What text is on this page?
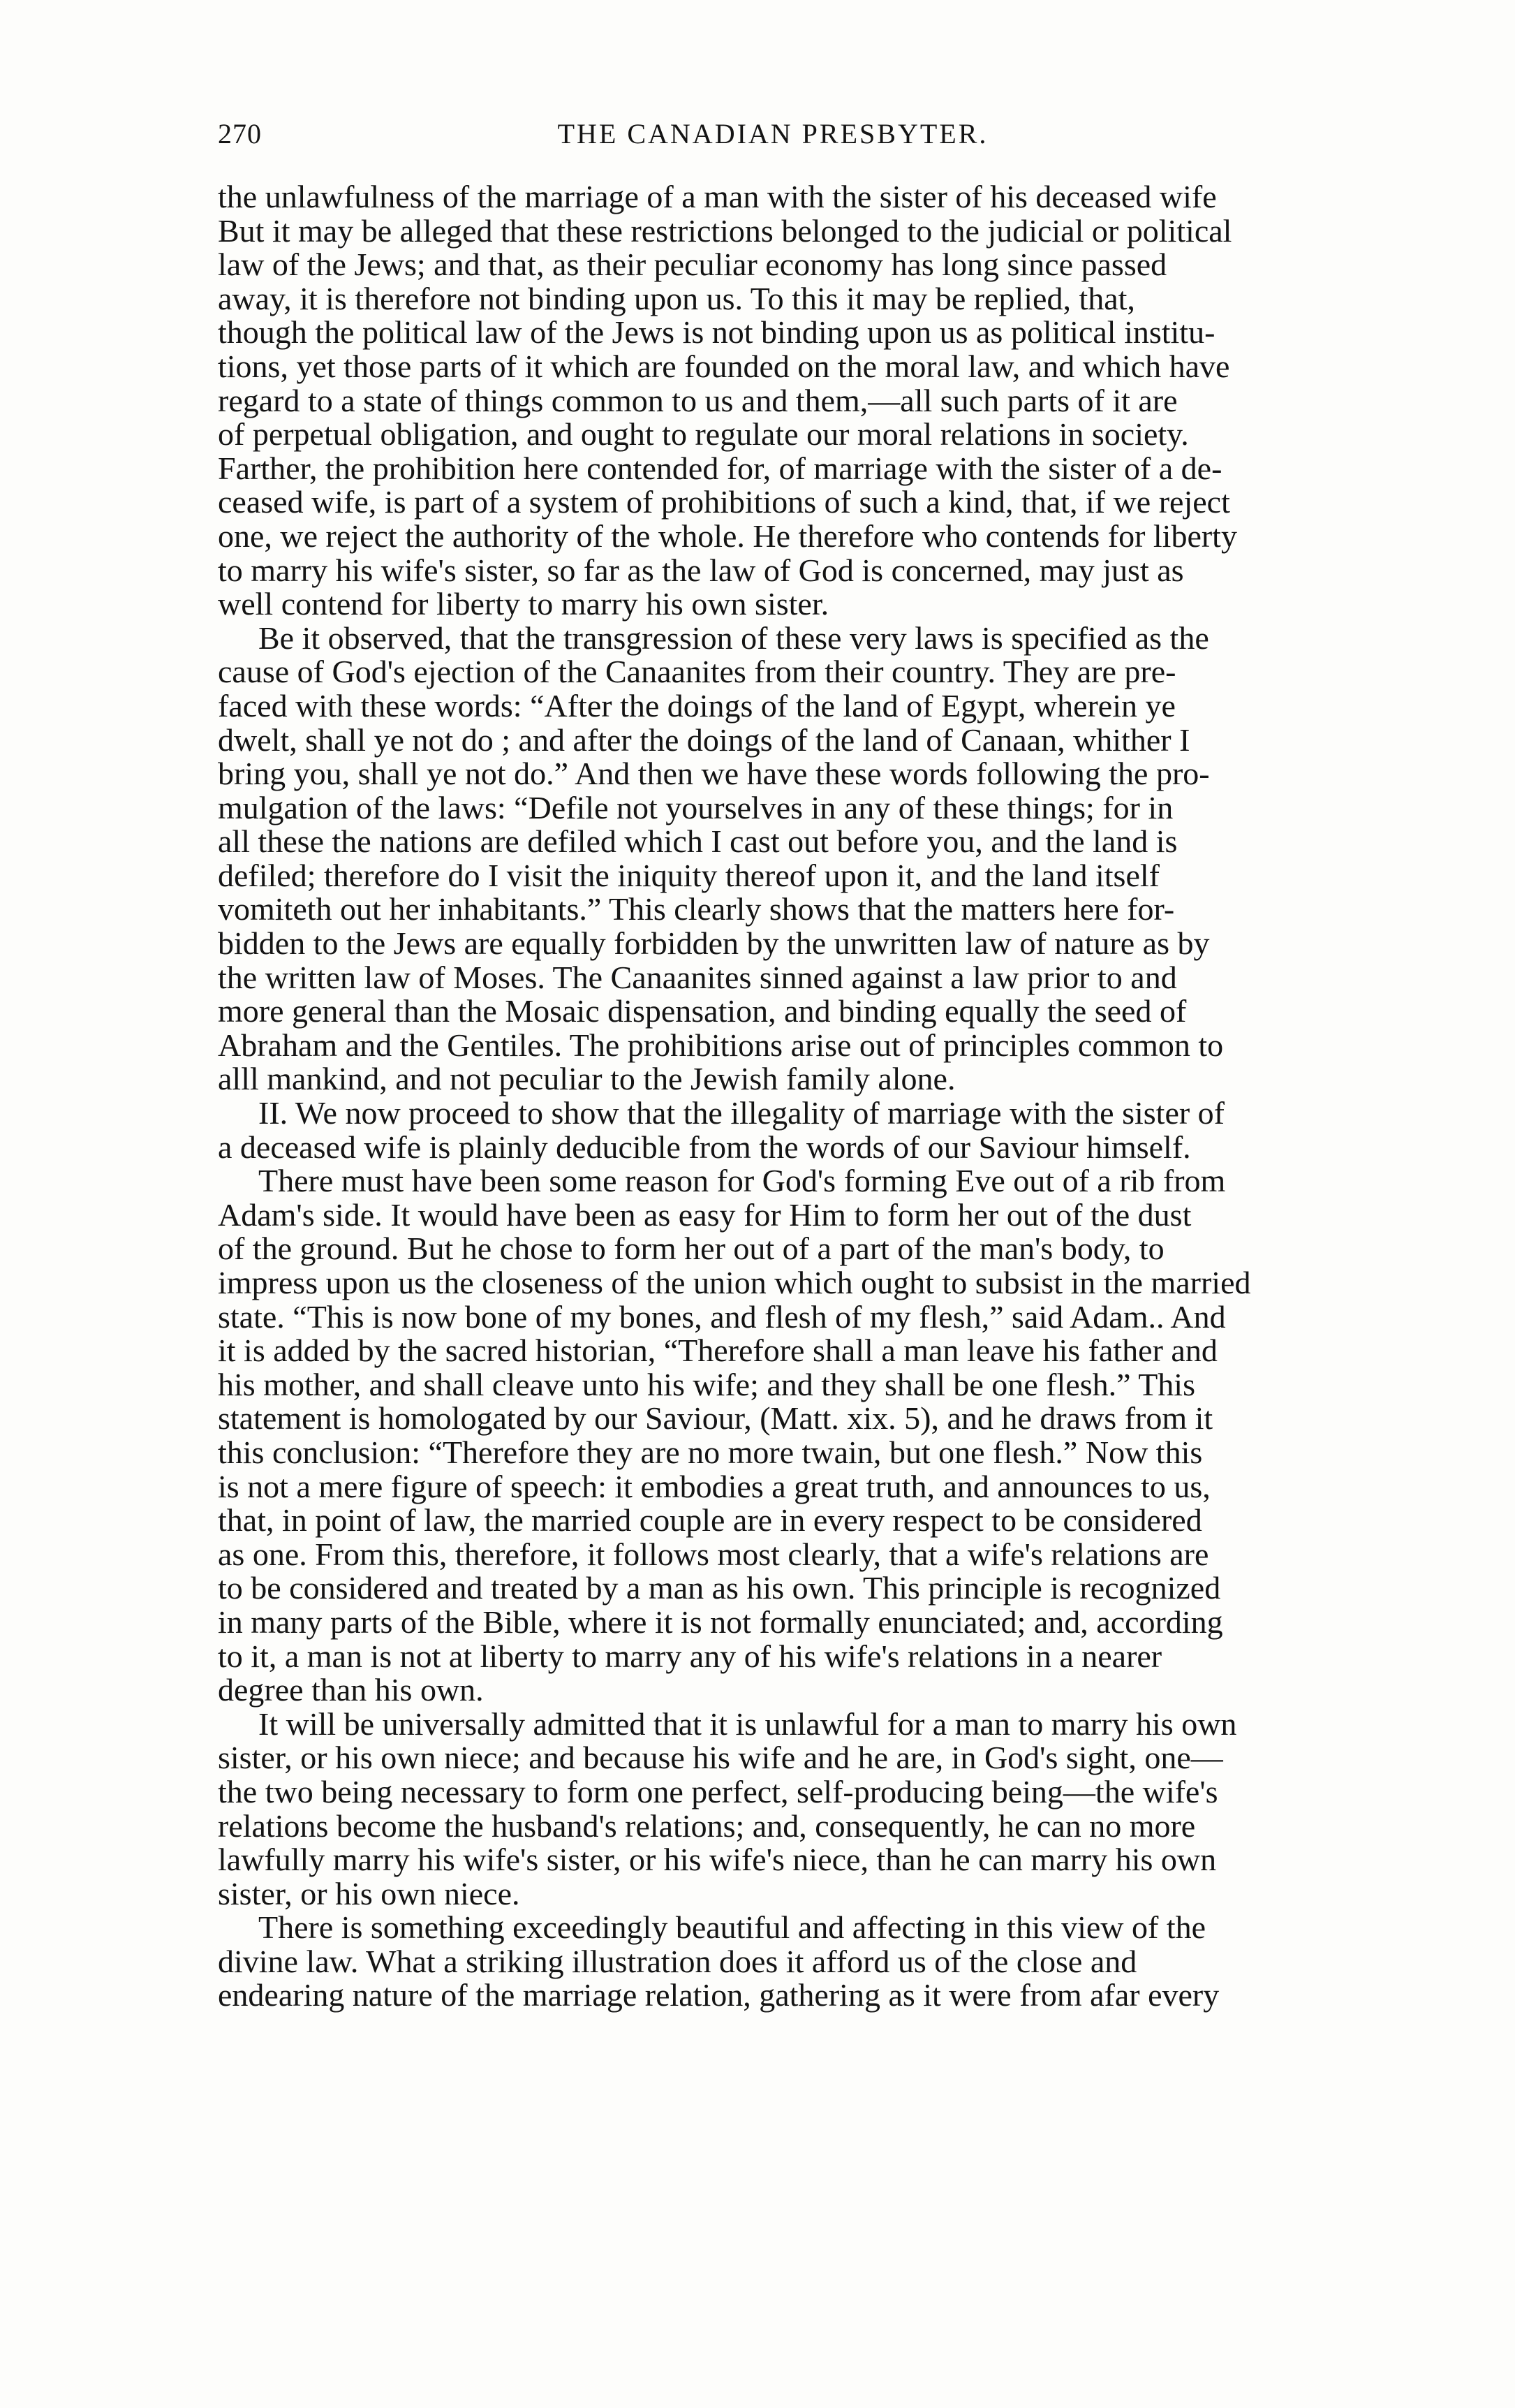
270	THE CANADIAN PRESBYTER.
the unlawfulness of the marriage of a man with the sister of his deceased wife
But it may be alleged that these restrictions belonged to the judicial or political
law of the Jews; and that, as their peculiar economy has long since passed
away, it is therefore not binding upon us. To this it may be replied, that,
though the political law of the Jews is not binding upon us as political institu-
tions, yet those parts of it which are founded on the moral law, and which have
regard to a state of things common to us and them,—all such parts of it are
of perpetual obligation, and ought to regulate our moral relations in society.
Farther, the prohibition here contended for, of marriage with the sister of a de-
ceased wife, is part of a system of prohibitions of such a kind, that, if we reject
one, we reject the authority of the whole. He therefore who contends for liberty
to marry his wife's sister, so far as the law of God is concerned, may just as
well contend for liberty to marry his own sister.
Be it observed, that the transgression of these very laws is specified as the
cause of God's ejection of the Canaanites from their country. They are pre-
faced with these words: “After the doings of the land of Egypt, wherein ye
dwelt, shall ye not do ; and after the doings of the land of Canaan, whither I
bring you, shall ye not do.” And then we have these words following the pro-
mulgation of the laws: “Defile not yourselves in any of these things; for in
all these the nations are defiled which I cast out before you, and the land is
defiled; therefore do I visit the iniquity thereof upon it, and the land itself
vomiteth out her inhabitants.” This clearly shows that the matters here for-
bidden to the Jews are equally forbidden by the unwritten law of nature as by
the written law of Moses. The Canaanites sinned against a law prior to and
more general than the Mosaic dispensation, and binding equally the seed of
Abraham and the Gentiles. The prohibitions arise out of principles common to
alll mankind, and not peculiar to the Jewish family alone.
II. We now proceed to show that the illegality of marriage with the sister of
a deceased wife is plainly deducible from the words of our Saviour himself.
There must have been some reason for God's forming Eve out of a rib from
Adam's side. It would have been as easy for Him to form her out of the dust
of the ground. But he chose to form her out of a part of the man's body, to
impress upon us the closeness of the union which ought to subsist in the married
state. “This is now bone of my bones, and flesh of my flesh,” said Adam.. And
it is added by the sacred historian, “Therefore shall a man leave his father and
his mother, and shall cleave unto his wife; and they shall be one flesh.” This
statement is homologated by our Saviour, (Matt. xix. 5), and he draws from it
this conclusion: “Therefore they are no more twain, but one flesh.” Now this
is not a mere figure of speech: it embodies a great truth, and announces to us,
that, in point of law, the married couple are in every respect to be considered
as one. From this, therefore, it follows most clearly, that a wife's relations are
to be considered and treated by a man as his own. This principle is recognized
in many parts of the Bible, where it is not formally enunciated; and, according
to it, a man is not at liberty to marry any of his wife's relations in a nearer
degree than his own.
It will be universally admitted that it is unlawful for a man to marry his own
sister, or his own niece; and because his wife and he are, in God's sight, one—
the two being necessary to form one perfect, self-producing being—the wife's
relations become the husband's relations; and, consequently, he can no more
lawfully marry his wife's sister, or his wife's niece, than he can marry his own
sister, or his own niece.
There is something exceedingly beautiful and affecting in this view of the
divine law. What a striking illustration does it afford us of the close and
endearing nature of the marriage relation, gathering as it were from afar every
